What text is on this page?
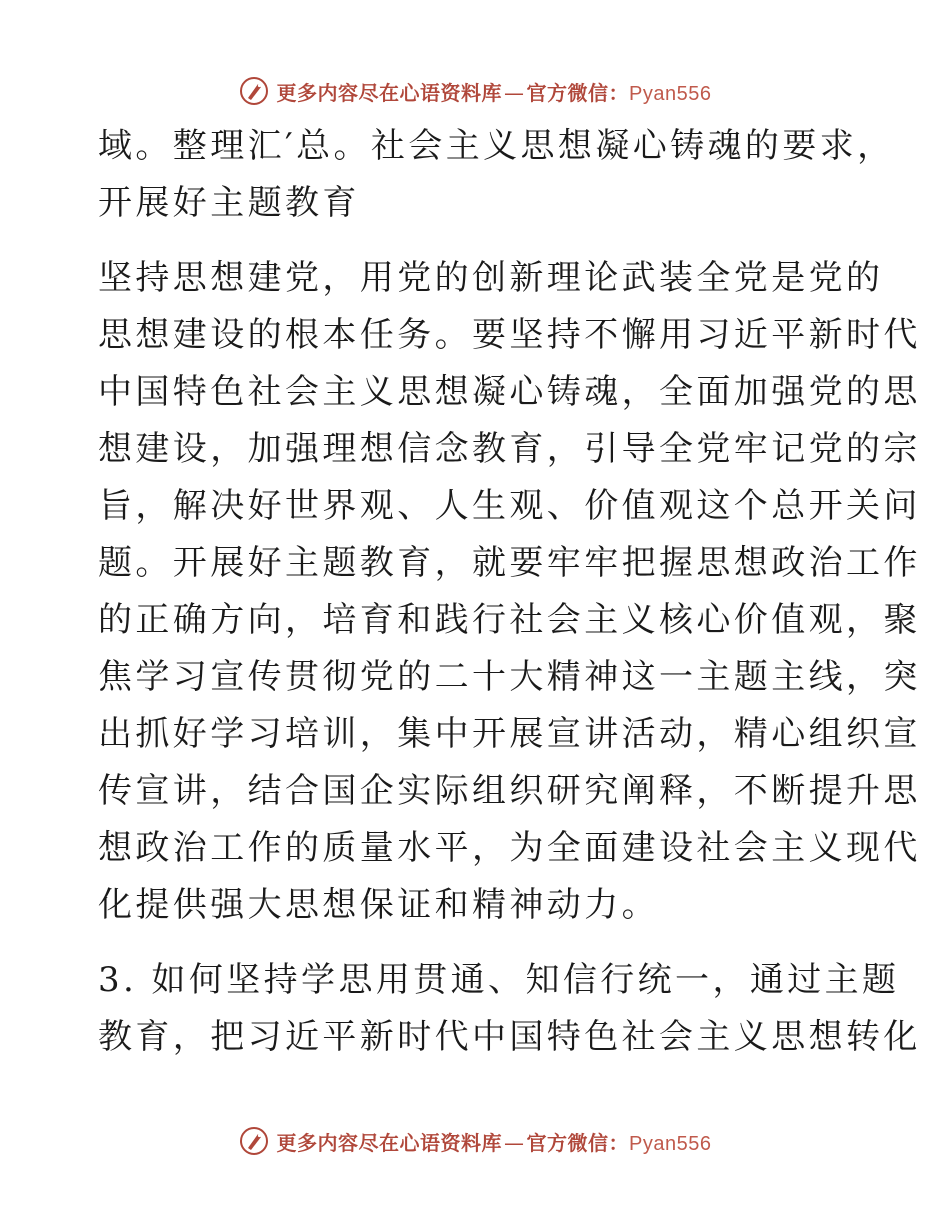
更多内容尽在心语资料库 — 官方微信：Pyan556

域。整理汇′总。社会主义思想凝心铸魂的要求，
开展好主题教育

坚持思想建党，用党的创新理论武装全党是党的
思想建设的根本任务。要坚持不懈用习近平新时代
中国特色社会主义思想凝心铸魂，全面加强党的思
想建设，加强理想信念教育，引导全党牢记党的宗
旨，解决好世界观、人生观、价值观这个总开关问
题。开展好主题教育，就要牢牢把握思想政治工作
的正确方向，培育和践行社会主义核心价值观，聚
焦学习宣传贯彻党的二十大精神这一主题主线，突
出抓好学习培训，集中开展宣讲活动，精心组织宣
传宣讲，结合国企实际组织研究阐释，不断提升思
想政治工作的质量水平，为全面建设社会主义现代
化提供强大思想保证和精神动力。

3. 如何坚持学思用贯通、知信行统一，通过主题
教育，把习近平新时代中国特色社会主义思想转化

更多内容尽在心语资料库 — 官方微信：Pyan556
